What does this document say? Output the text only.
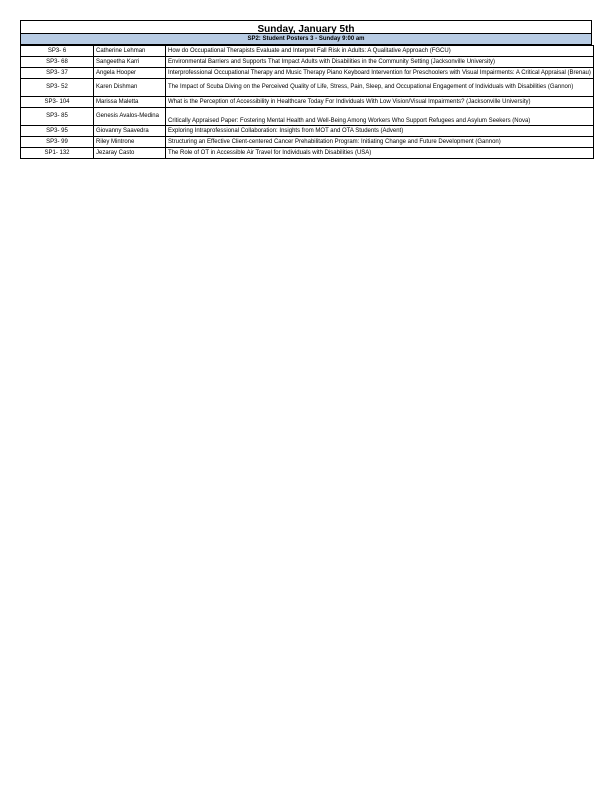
Sunday, January 5th
SP2: Student Posters 3 - Sunday 9:00 am
SP3- 6	Catherine Lehman	How do Occupational Therapists Evaluate and Interpret Fall Risk in Adults: A Qualitative Approach (FGCU)
SP3- 68	Sangeetha Karri	Environmental Barriers and Supports That Impact Adults with Disabilities in the Community Setting (Jacksonville University)
SP3- 37	Angela Hooper	Interprofessional Occupational Therapy and Music Therapy Piano Keyboard Intervention for Preschoolers with Visual Impairments: A Critical Appraisal (Brenau)
SP3- 52	Karen Dishman	The Impact of Scuba Diving on the Perceived Quality of Life, Stress, Pain, Sleep, and Occupational Engagement of Individuals with Disabilities (Gannon)
SP3- 104	Marissa Maletta	What is the Perception of Accessibility in Healthcare Today For Individuals With Low Vision/Visual Impairments? (Jacksonville University)
SP3- 85	Genesis Avalos-Medina	Critically Appraised Paper: Fostering Mental Health and Well-Being Among Workers Who Support Refugees and Asylum Seekers (Nova)
SP3- 95	Giovanny Saavedra	Exploring Intraprofessional Collaboration: Insights from MOT and OTA Students (Advent)
SP3- 99	Riley Mintrone	Structuring an Effective Client-centered Cancer Prehabilitation Program: Initiating Change and Future Development (Gannon)
SP1- 132	Jezaray Casto	The Role of OT in Accessible Air Travel for Individuals with Disabilities (USA)
